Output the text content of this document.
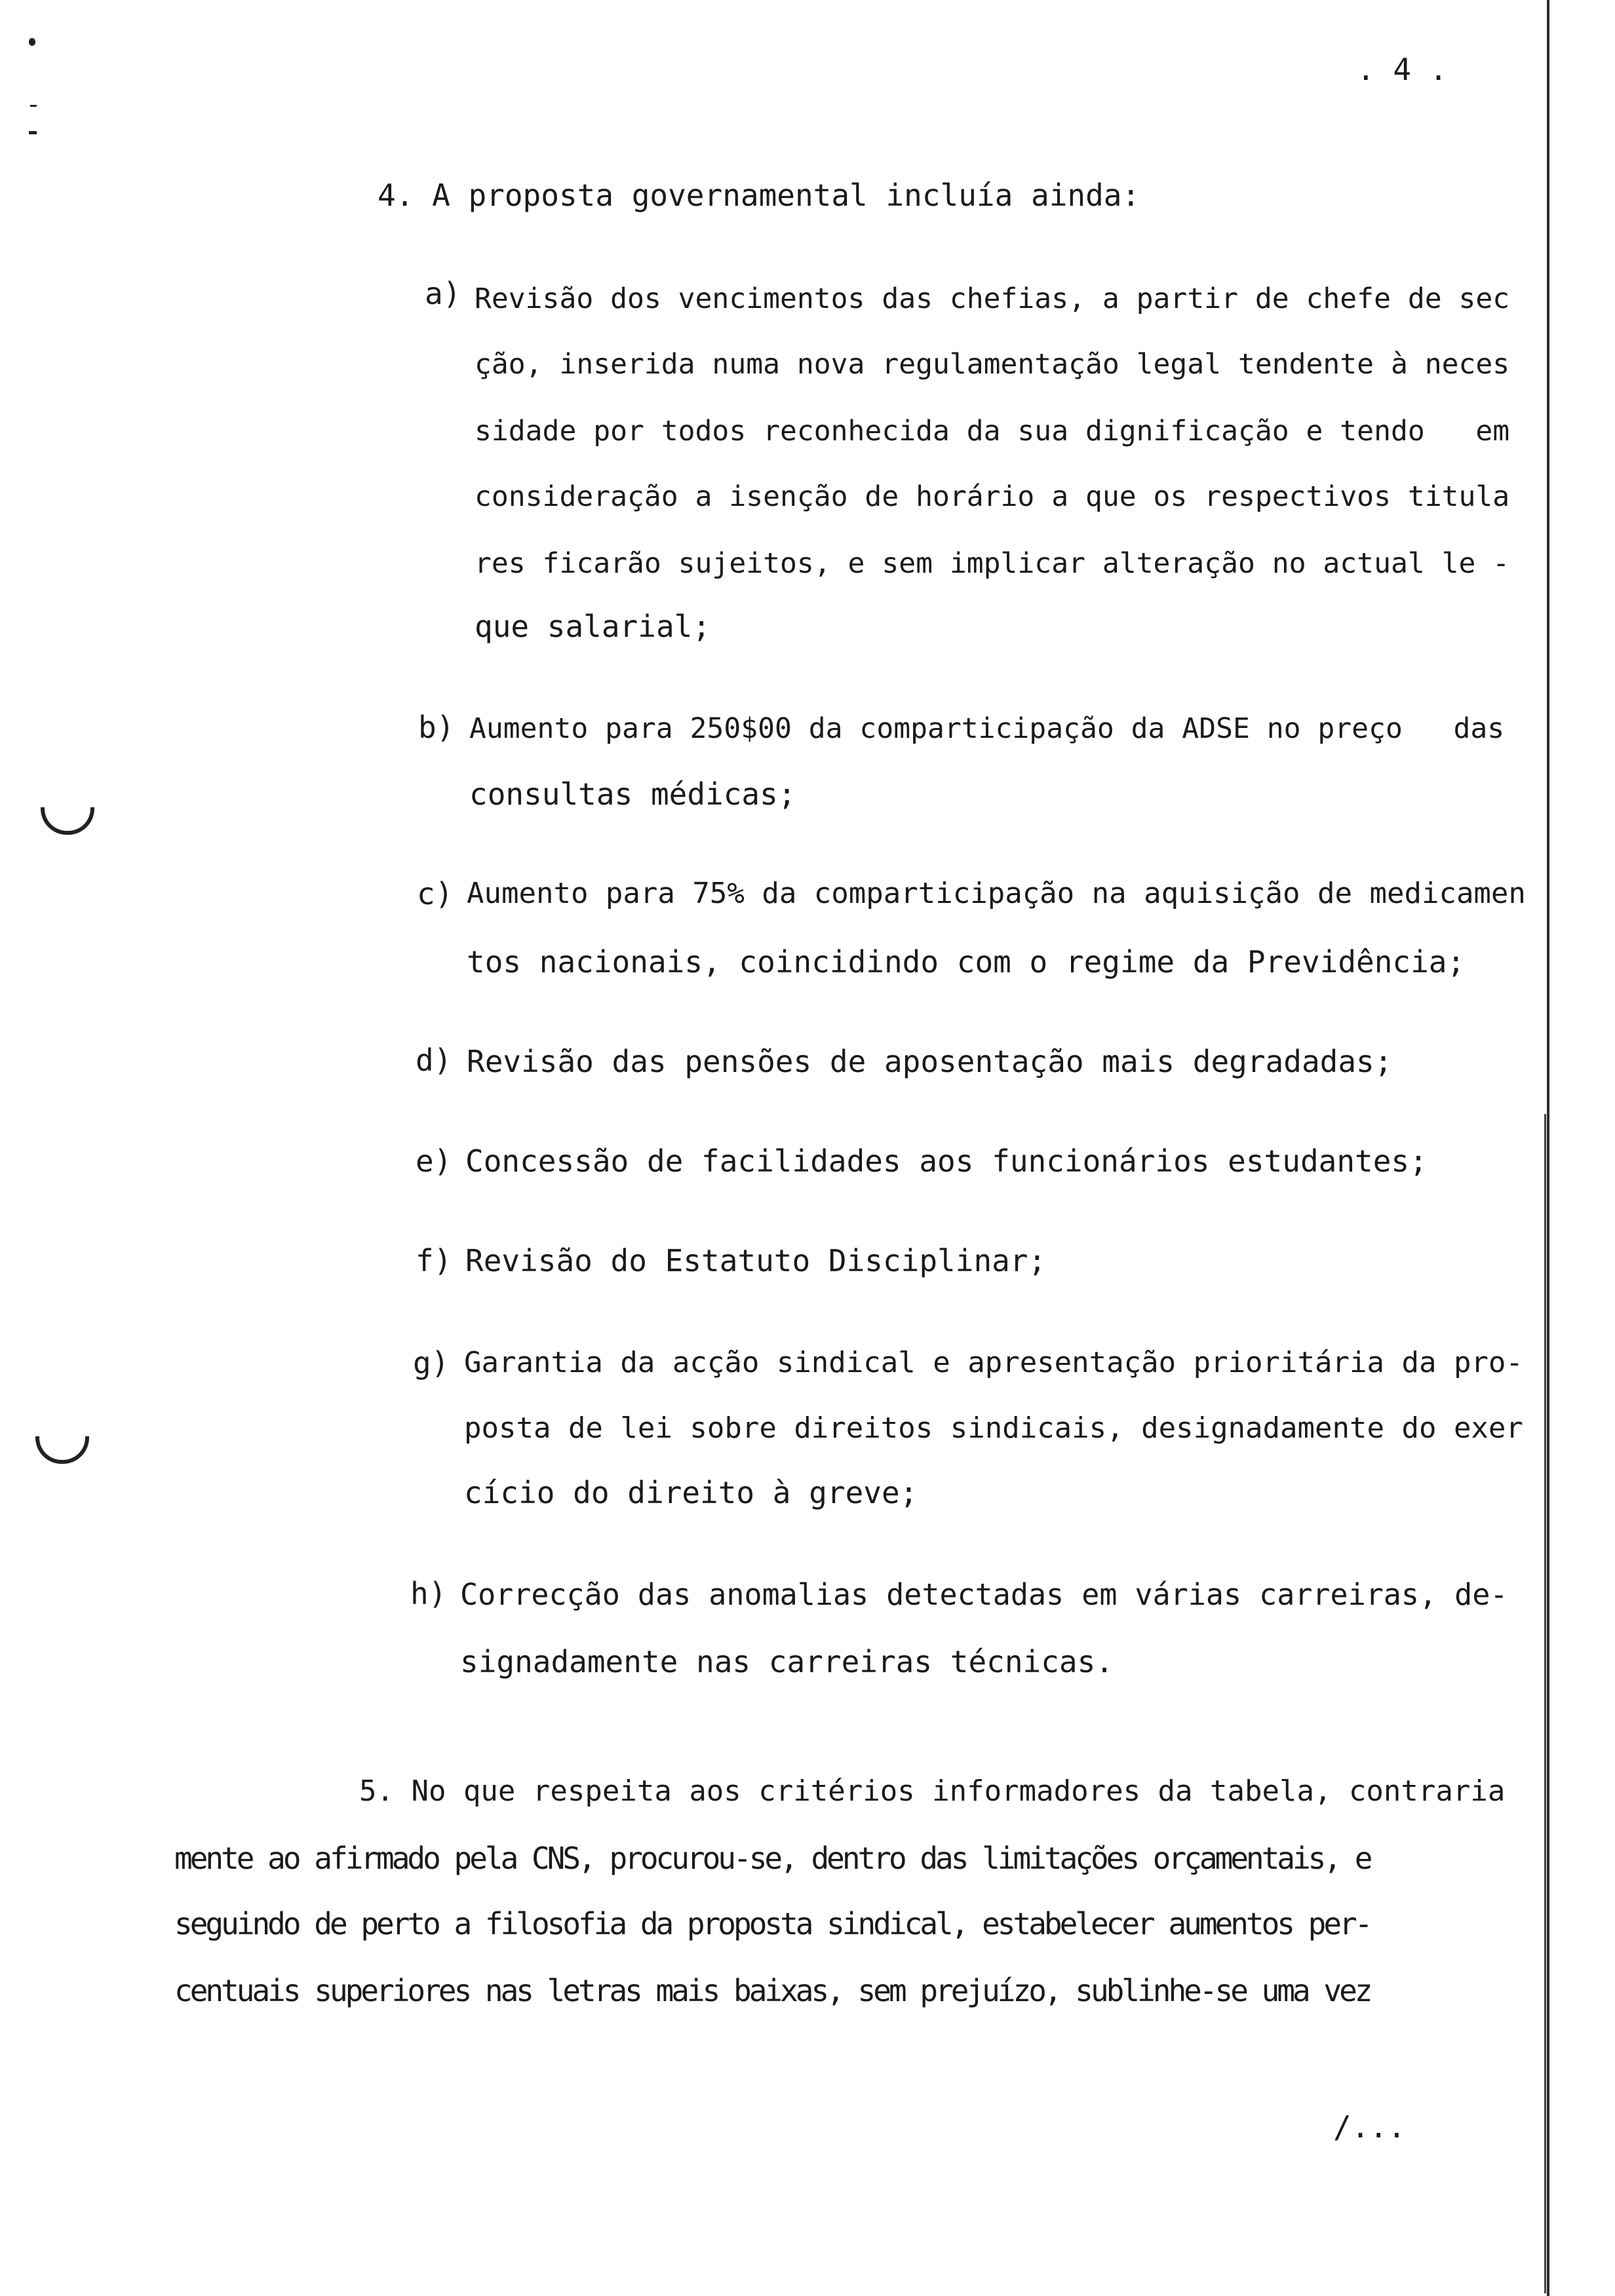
. 4 .
4. A proposta governamental incluía ainda:
a) Revisão dos vencimentos das chefias, a partir de chefe de sec
ção, inserida numa nova regulamentação legal tendente à neces
sidade por todos reconhecida da sua dignificação e tendo   em
consideração a isenção de horário a que os respectivos titula
res ficarão sujeitos, e sem implicar alteração no actual le -
que salarial;
b) Aumento para 250$00 da comparticipação da ADSE no preço   das
consultas médicas;
c) Aumento para 75% da comparticipação na aquisição de medicamen
tos nacionais, coincidindo com o regime da Previdência;
d) Revisão das pensões de aposentação mais degradadas;
e) Concessão de facilidades aos funcionários estudantes;
f) Revisão do Estatuto Disciplinar;
g) Garantia da acção sindical e apresentação prioritária da pro-
posta de lei sobre direitos sindicais, designadamente do exer
cício do direito à greve;
h) Correcção das anomalias detectadas em várias carreiras, de-
signadamente nas carreiras técnicas.
5. No que respeita aos critérios informadores da tabela, contraria
mente ao afirmado pela CNS, procurou-se, dentro das limitações orçamentais, e
seguindo de perto a filosofia da proposta sindical, estabelecer aumentos per-
centuais superiores nas letras mais baixas, sem prejuízo, sublinhe-se uma vez
/...
